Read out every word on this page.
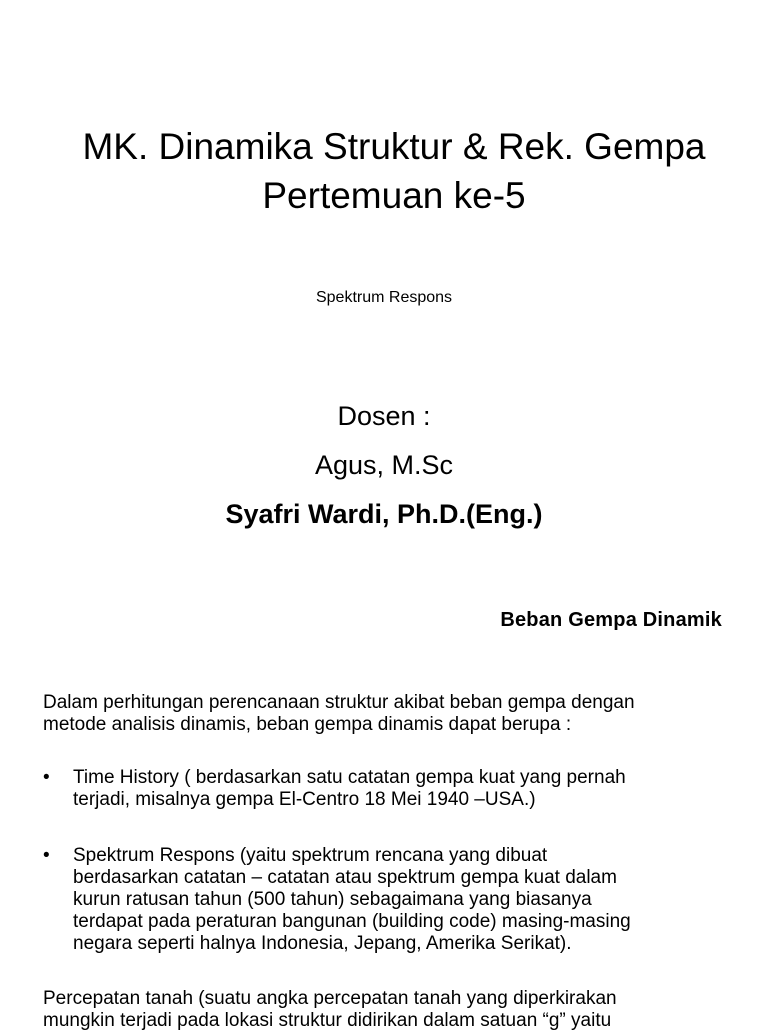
MK. Dinamika Struktur & Rek. Gempa
Pertemuan ke-5
Spektrum Respons
Dosen :
Agus, M.Sc
Syafri Wardi, Ph.D.(Eng.)
Beban Gempa Dinamik
Dalam perhitungan perencanaan struktur akibat beban gempa dengan
metode analisis dinamis, beban gempa dinamis dapat berupa :
• Time History ( berdasarkan satu catatan gempa kuat yang pernah
terjadi, misalnya gempa El-Centro 18 Mei 1940 –USA.)
• Spektrum Respons (yaitu spektrum rencana yang dibuat
berdasarkan catatan – catatan atau spektrum gempa kuat dalam
kurun ratusan tahun (500 tahun) sebagaimana yang biasanya
terdapat pada peraturan bangunan (building code) masing-masing
negara seperti halnya Indonesia, Jepang, Amerika Serikat).
Percepatan tanah (suatu angka percepatan tanah yang diperkirakan
mungkin terjadi pada lokasi struktur didirikan dalam satuan “g” yaitu
